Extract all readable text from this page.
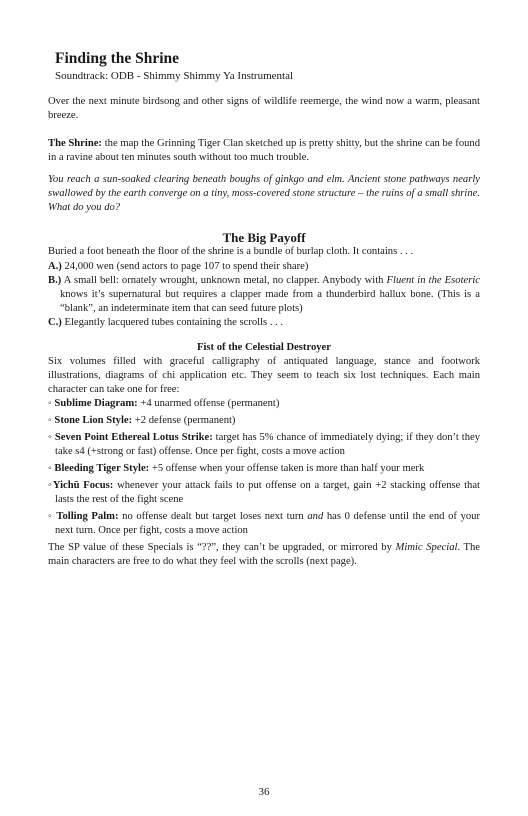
Finding the Shrine
Soundtrack: ODB - Shimmy Shimmy Ya Instrumental

Over the next minute birdsong and other signs of wildlife reemerge, the wind now a warm, pleasant breeze.

The Shrine: the map the Grinning Tiger Clan sketched up is pretty shitty, but the shrine can be found in a ravine about ten minutes south without too much trouble.

You reach a sun-soaked clearing beneath boughs of ginkgo and elm. Ancient stone pathways nearly swallowed by the earth converge on a tiny, moss-covered stone structure – the ruins of a small shrine. What do you do?

The Big Payoff

Buried a foot beneath the floor of the shrine is a bundle of burlap cloth. It contains . . .

A.) 24,000 wen (send actors to page 107 to spend their share)

B.) A small bell: ornately wrought, unknown metal, no clapper. Anybody with Fluent in the Esoteric knows it’s supernatural but requires a clapper made from a thunderbird hallux bone. (This is a “blank”, an indeterminate item that can seed future plots)

C.) Elegantly lacquered tubes containing the scrolls . . .

Fist of the Celestial Destroyer

Six volumes filled with graceful calligraphy of antiquated language, stance and footwork illustrations, diagrams of chi application etc. They seem to teach six lost techniques. Each main character can take one for free:

◦ Sublime Diagram: +4 unarmed offense (permanent)

◦ Stone Lion Style: +2 defense (permanent)

◦ Seven Point Ethereal Lotus Strike: target has 5% chance of immediately dying; if they don’t they take s4 (+strong or fast) offense. Once per fight, costs a move action

◦ Bleeding Tiger Style: +5 offense when your offense taken is more than half your merk

◦Yichū Focus: whenever your attack fails to put offense on a target, gain +2 stacking offense that lasts the rest of the fight scene

◦ Tolling Palm: no offense dealt but target loses next turn and has 0 defense until the end of your next turn. Once per fight, costs a move action

The SP value of these Specials is “??”, they can’t be upgraded, or mirrored by Mimic Special. The main characters are free to do what they feel with the scrolls (next page).

36
